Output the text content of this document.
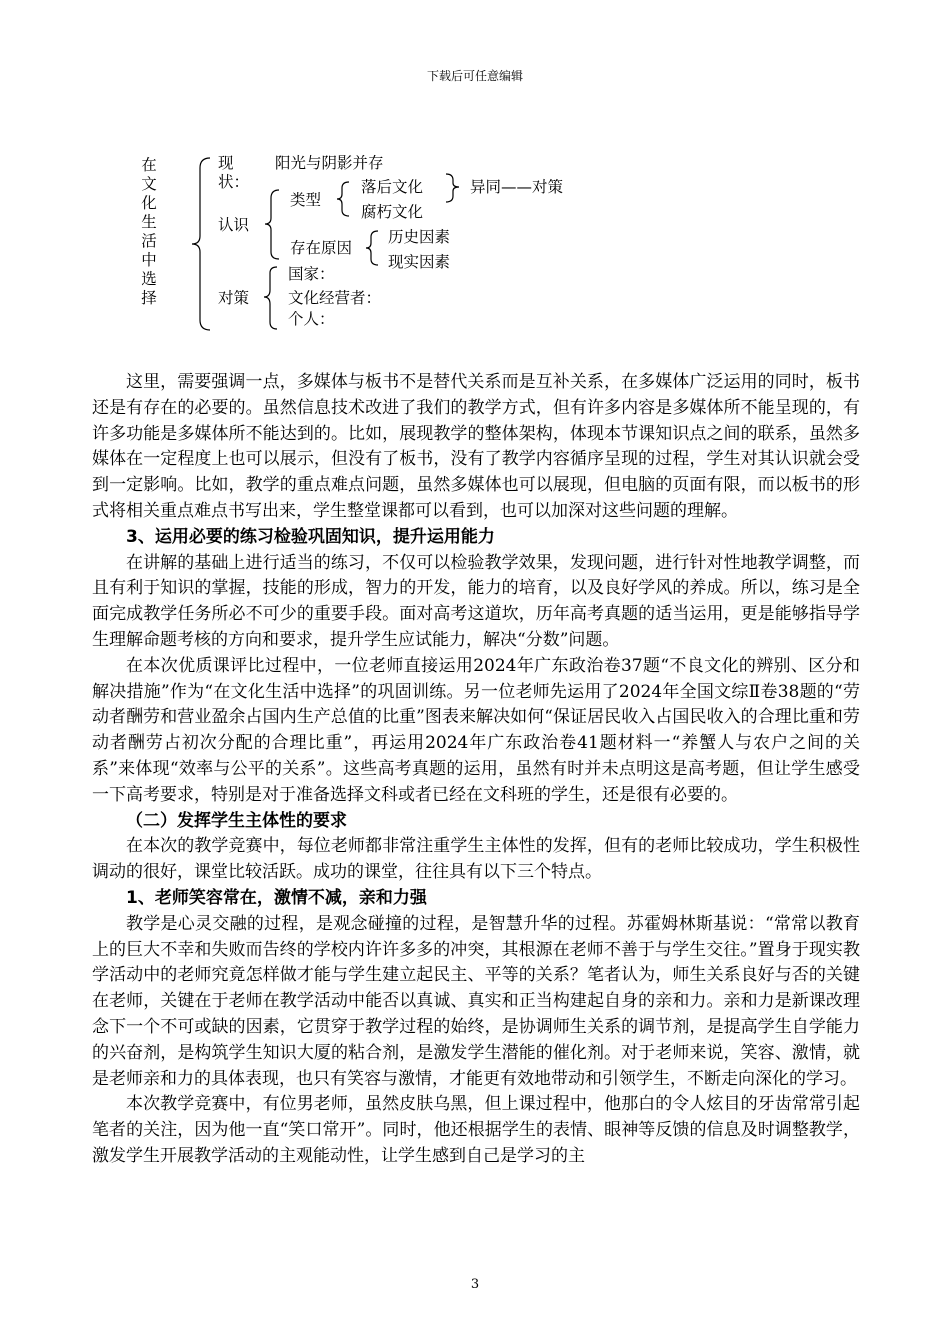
下载后可任意编辑
在
文
化
生
活
中
选
择
现
状：
阳光与阴影并存
认识
类型
落后文化
腐朽文化
异同——对策
存在原因
历史因素
现实因素
对策
国家：
文化经营者：
个人：

这里，需要强调一点，多媒体与板书不是替代关系而是互补关系，在多媒体广泛运用的同时，板书还是有存在的必要的。虽然信息技术改进了我们的教学方式，但有许多内容是多媒体所不能呈现的，有许多功能是多媒体所不能达到的。比如，展现教学的整体架构，体现本节课知识点之间的联系，虽然多媒体在一定程度上也可以展示，但没有了板书，没有了教学内容循序呈现的过程，学生对其认识就会受到一定影响。比如，教学的重点难点问题，虽然多媒体也可以展现，但电脑的页面有限，而以板书的形式将相关重点难点书写出来，学生整堂课都可以看到，也可以加深对这些问题的理解。

3、运用必要的练习检验巩固知识，提升运用能力

在讲解的基础上进行适当的练习，不仅可以检验教学效果，发现问题，进行针对性地教学调整，而且有利于知识的掌握，技能的形成，智力的开发，能力的培育，以及良好学风的养成。所以，练习是全面完成教学任务所必不可少的重要手段。面对高考这道坎，历年高考真题的适当运用，更是能够指导学生理解命题考核的方向和要求，提升学生应试能力，解决“分数”问题。

在本次优质课评比过程中，一位老师直接运用2024年广东政治卷37题“不良文化的辨别、区分和解决措施”作为“在文化生活中选择”的巩固训练。另一位老师先运用了2024年全国文综Ⅱ卷38题的“劳动者酬劳和营业盈余占国内生产总值的比重”图表来解决如何“保证居民收入占国民收入的合理比重和劳动者酬劳占初次分配的合理比重”，再运用2024年广东政治卷41题材料一“养蟹人与农户之间的关系”来体现“效率与公平的关系”。这些高考真题的运用，虽然有时并未点明这是高考题，但让学生感受一下高考要求，特别是对于准备选择文科或者已经在文科班的学生，还是很有必要的。

（二）发挥学生主体性的要求

在本次的教学竞赛中，每位老师都非常注重学生主体性的发挥，但有的老师比较成功，学生积极性调动的很好，课堂比较活跃。成功的课堂，往往具有以下三个特点。

1、老师笑容常在，激情不减，亲和力强

教学是心灵交融的过程，是观念碰撞的过程，是智慧升华的过程。苏霍姆林斯基说：“常常以教育上的巨大不幸和失败而告终的学校内许许多多的冲突，其根源在老师不善于与学生交往。”置身于现实教学活动中的老师究竟怎样做才能与学生建立起民主、平等的关系？笔者认为，师生关系良好与否的关键在老师，关键在于老师在教学活动中能否以真诚、真实和正当构建起自身的亲和力。亲和力是新课改理念下一个不可或缺的因素，它贯穿于教学过程的始终，是协调师生关系的调节剂，是提高学生自学能力的兴奋剂，是构筑学生知识大厦的粘合剂，是激发学生潜能的催化剂。对于老师来说，笑容、激情，就是老师亲和力的具体表现，也只有笑容与激情，才能更有效地带动和引领学生，不断走向深化的学习。

本次教学竞赛中，有位男老师，虽然皮肤乌黑，但上课过程中，他那白的令人炫目的牙齿常常引起笔者的关注，因为他一直“笑口常开”。同时，他还根据学生的表情、眼神等反馈的信息及时调整教学，激发学生开展教学活动的主观能动性，让学生感到自己是学习的主

3
